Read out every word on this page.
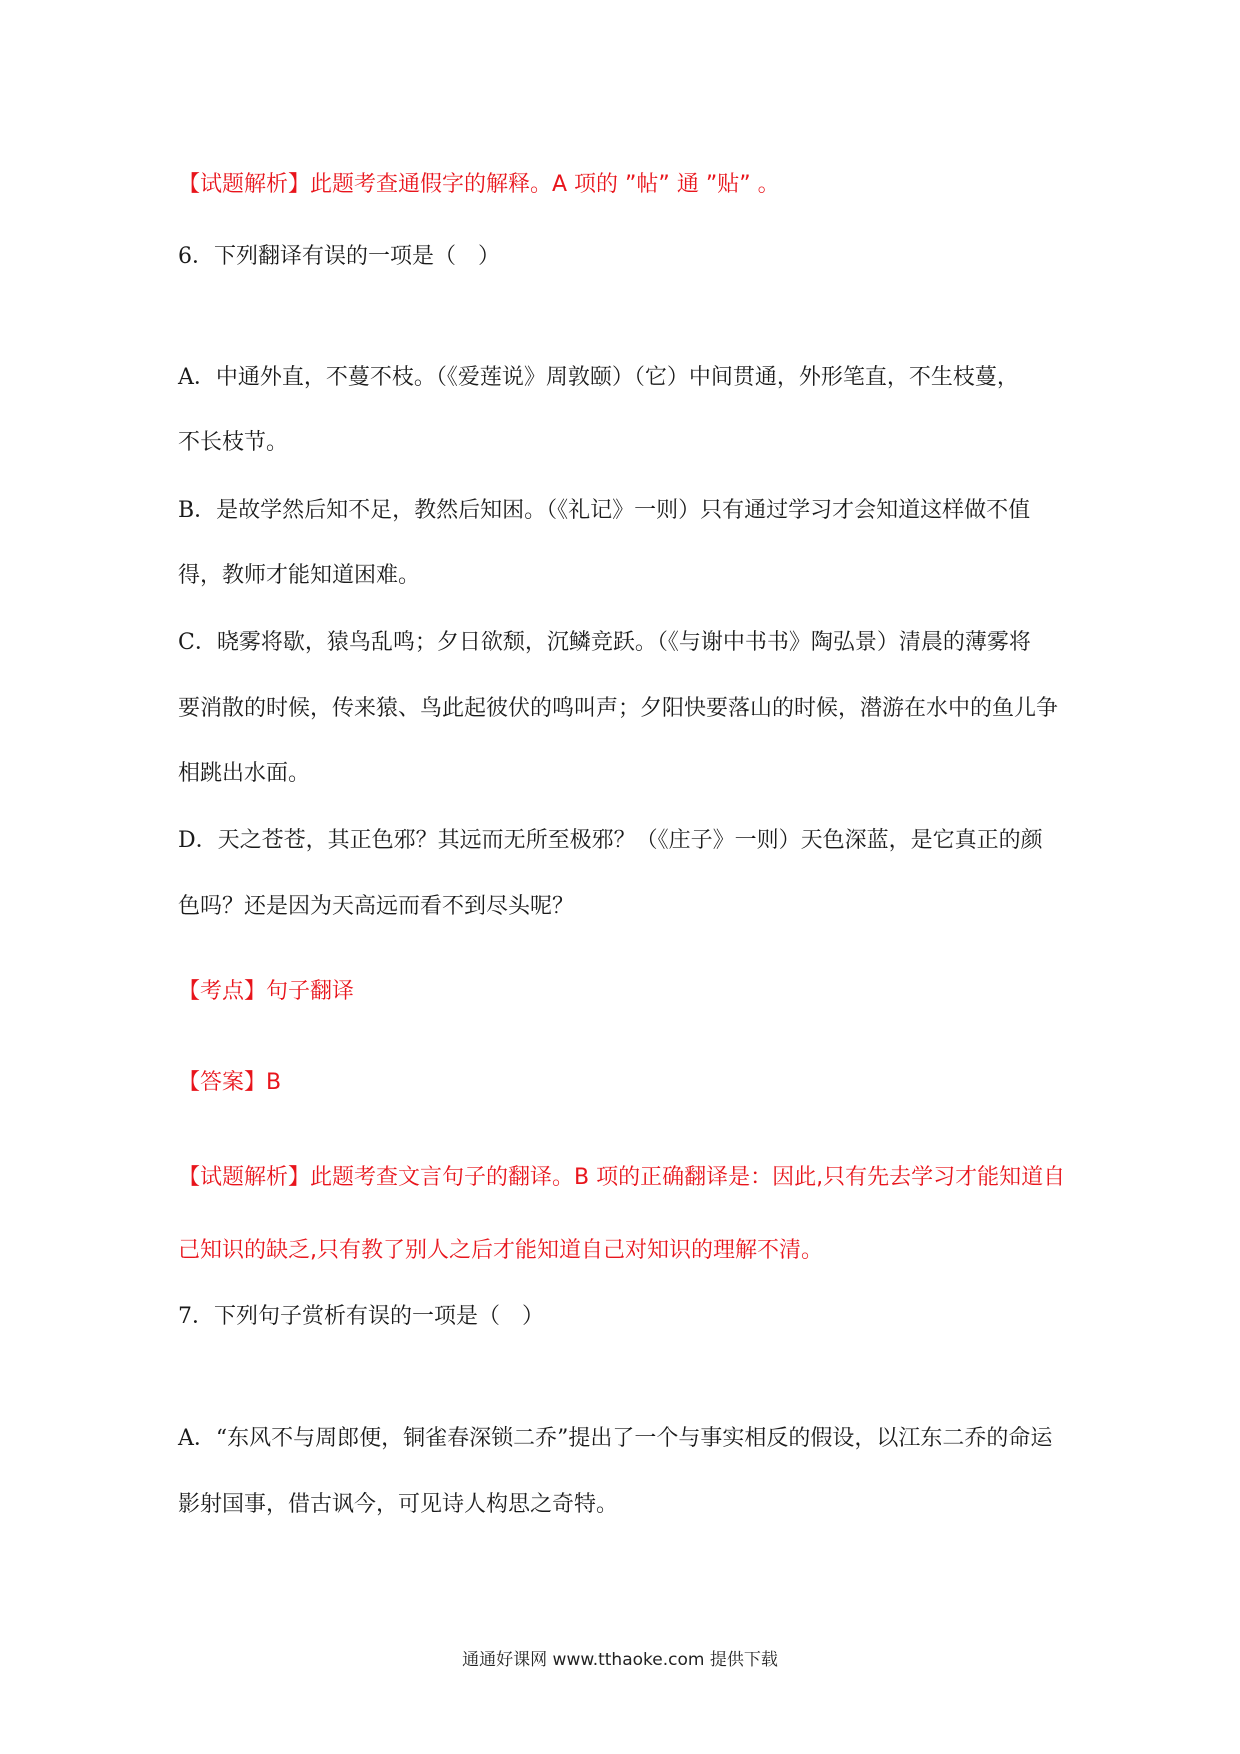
【试题解析】此题考查通假字的解释。A 项的 ”帖” 通 ”贴” 。
6．下列翻译有误的一项是（　）
A．中通外直，不蔓不枝。（《爱莲说》周敦颐）（它）中间贯通，外形笔直，不生枝蔓，
不长枝节。
B．是故学然后知不足，教然后知困。（《礼记》一则）只有通过学习才会知道这样做不值
得，教师才能知道困难。
C．晓雾将歇，猿鸟乱鸣；夕日欲颓，沉鳞竞跃。（《与谢中书书》陶弘景）清晨的薄雾将
要消散的时候，传来猿、鸟此起彼伏的鸣叫声；夕阳快要落山的时候，潜游在水中的鱼儿争
相跳出水面。
D．天之苍苍，其正色邪？其远而无所至极邪？（《庄子》一则）天色深蓝，是它真正的颜
色吗？还是因为天高远而看不到尽头呢？
【考点】句子翻译
【答案】B
【试题解析】此题考查文言句子的翻译。B 项的正确翻译是：因此,只有先去学习才能知道自
己知识的缺乏,只有教了别人之后才能知道自己对知识的理解不清。
7．下列句子赏析有误的一项是（　）
A．“东风不与周郎便，铜雀春深锁二乔”提出了一个与事实相反的假设，以江东二乔的命运
影射国事，借古讽今，可见诗人构思之奇特。
通通好课网 www.tthaoke.com 提供下载
